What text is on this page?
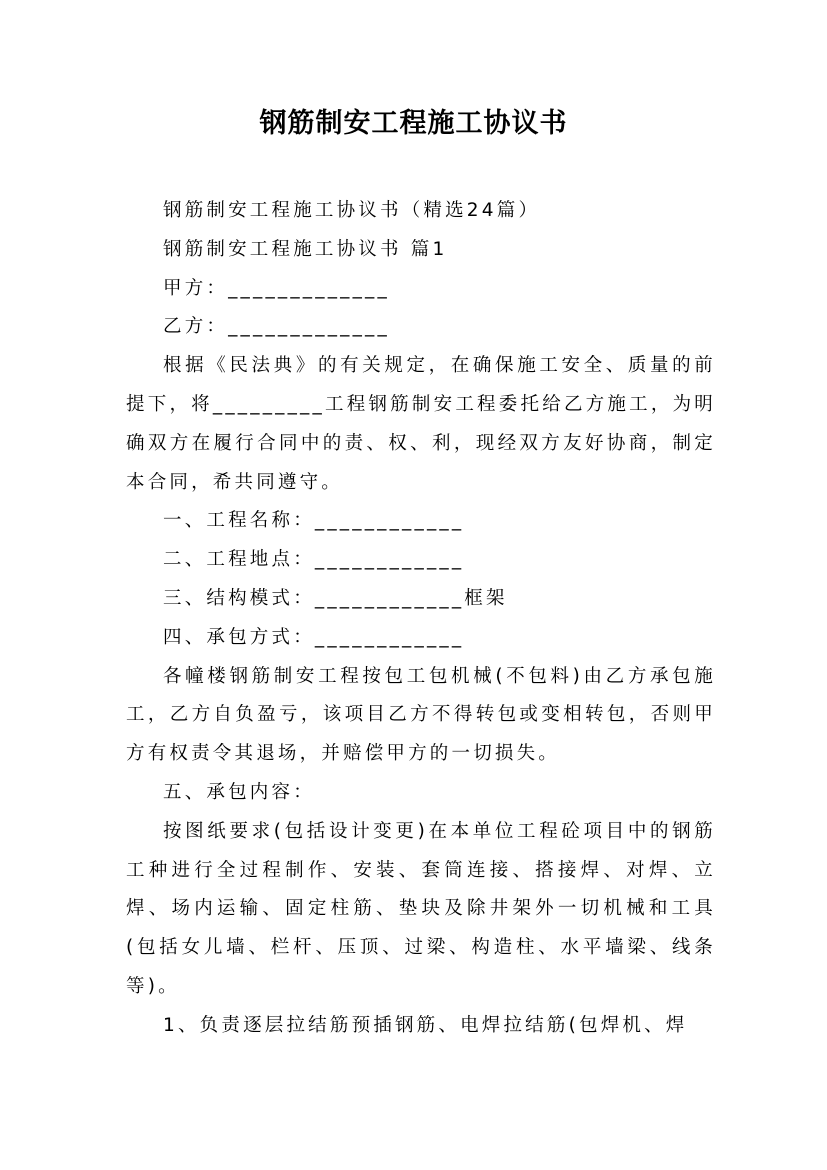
钢筋制安工程施工协议书

钢筋制安工程施工协议书（精选24篇）

钢筋制安工程施工协议书 篇1

甲方：_____________

乙方：_____________

根据《民法典》的有关规定，在确保施工安全、质量的前提下，将_________工程钢筋制安工程委托给乙方施工，为明确双方在履行合同中的责、权、利，现经双方友好协商，制定本合同，希共同遵守。

一、工程名称：____________

二、工程地点：____________

三、结构模式：____________框架

四、承包方式：____________

各幢楼钢筋制安工程按包工包机械(不包料)由乙方承包施工，乙方自负盈亏，该项目乙方不得转包或变相转包，否则甲方有权责令其退场，并赔偿甲方的一切损失。

五、承包内容：

按图纸要求(包括设计变更)在本单位工程砼项目中的钢筋工种进行全过程制作、安装、套筒连接、搭接焊、对焊、立焊、场内运输、固定柱筋、垫块及除井架外一切机械和工具(包括女儿墙、栏杆、压顶、过梁、构造柱、水平墙梁、线条等)。

1、负责逐层拉结筋预插钢筋、电焊拉结筋(包焊机、焊
